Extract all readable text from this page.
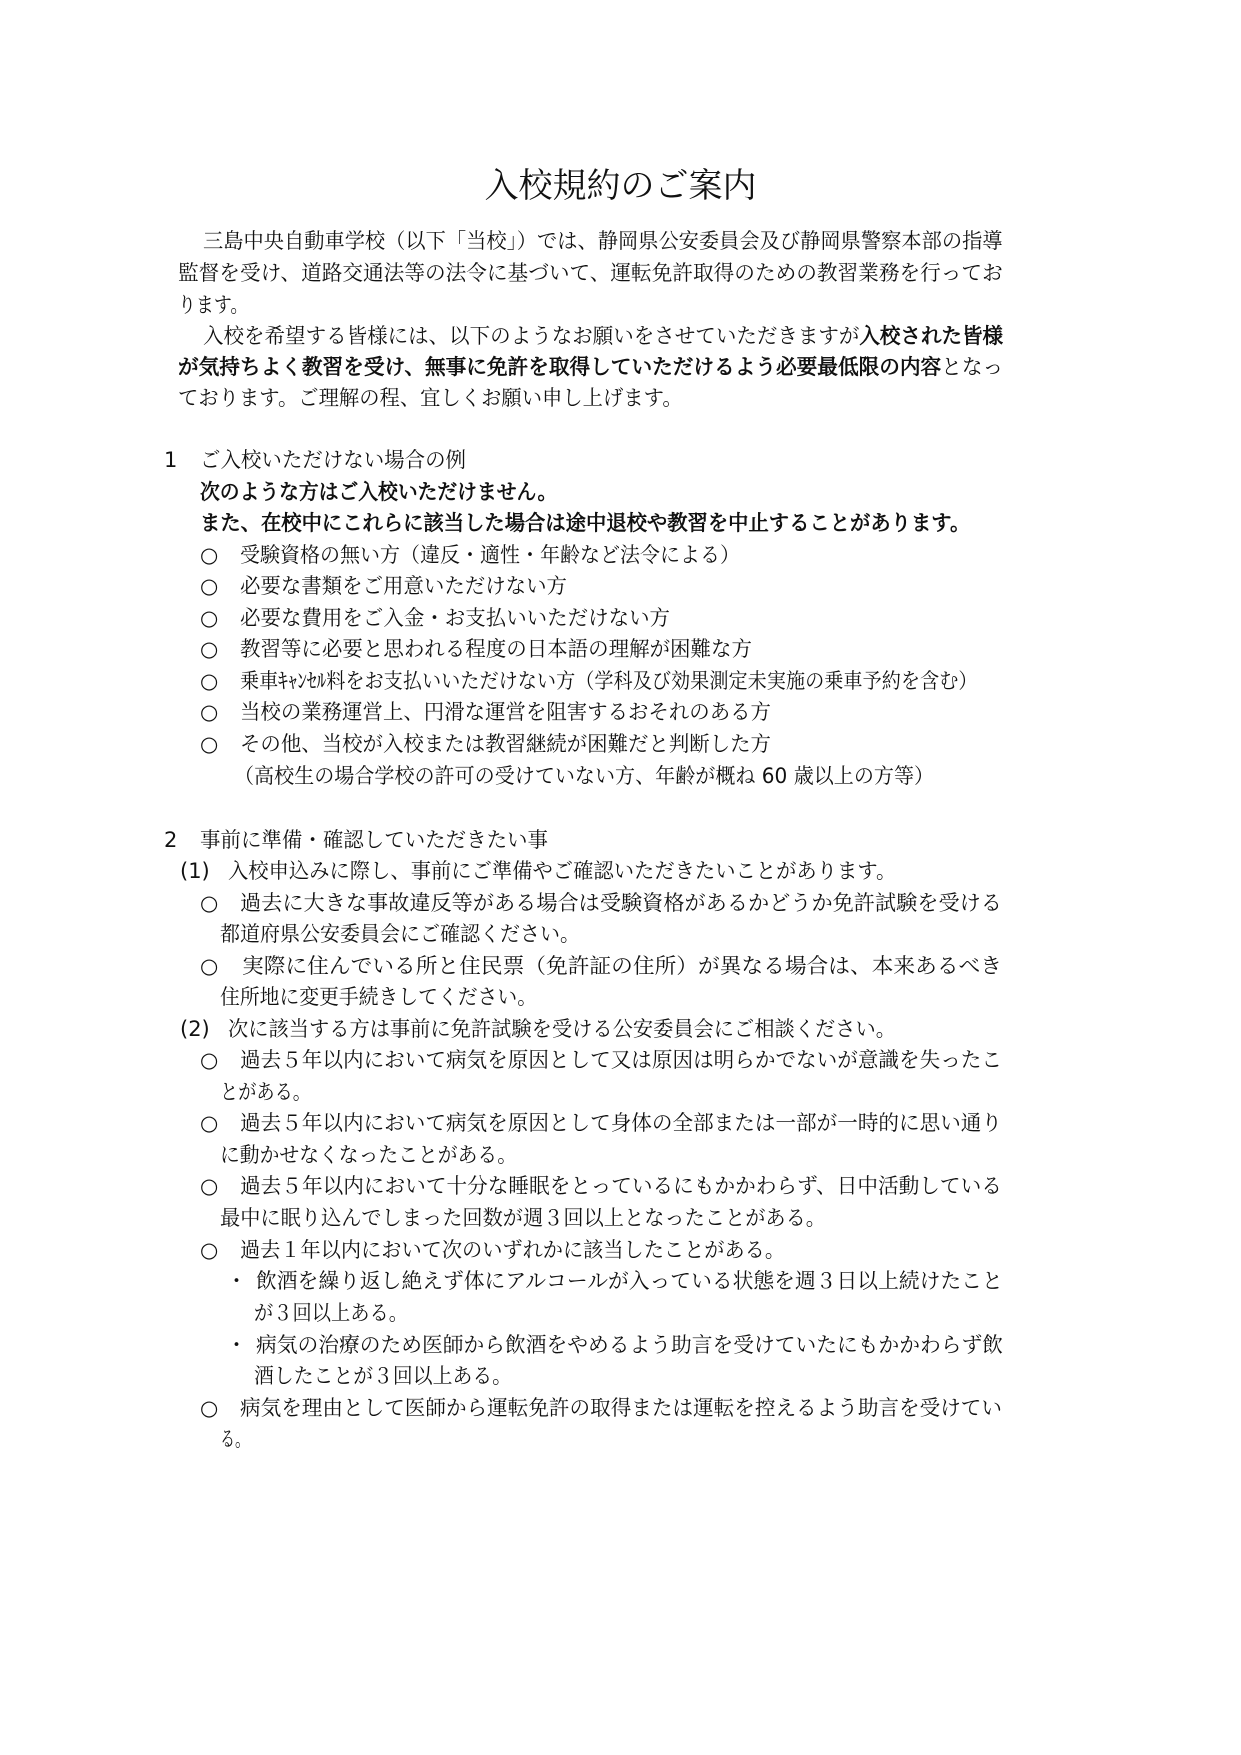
入校規約のご案内
三島中央自動車学校（以下「当校」）では、静岡県公安委員会及び静岡県警察本部の指導
監督を受け、道路交通法等の法令に基づいて、運転免許取得のための教習業務を行ってお
ります。
入校を希望する皆様には、以下のようなお願いをさせていただきますが入校された皆様
が気持ちよく教習を受け、無事に免許を取得していただけるよう必要最低限の内容となっ
ております。ご理解の程、宜しくお願い申し上げます。
1 ご入校いただけない場合の例
次のような方はご入校いただけません。
また、在校中にこれらに該当した場合は途中退校や教習を中止することがあります。
○ 受験資格の無い方（違反・適性・年齢など法令による）
○ 必要な書類をご用意いただけない方
○ 必要な費用をご入金・お支払いいただけない方
○ 教習等に必要と思われる程度の日本語の理解が困難な方
○ 乗車ｷｬﾝｾﾙ料をお支払いいただけない方（学科及び効果測定未実施の乗車予約を含む）
○ 当校の業務運営上、円滑な運営を阻害するおそれのある方
○ その他、当校が入校または教習継続が困難だと判断した方
（高校生の場合学校の許可の受けていない方、年齢が概ね 60 歳以上の方等）
2 事前に準備・確認していただきたい事
(1) 入校申込みに際し、事前にご準備やご確認いただきたいことがあります。
○ 過去に大きな事故違反等がある場合は受験資格があるかどうか免許試験を受ける
都道府県公安委員会にご確認ください。
○ 実際に住んでいる所と住民票（免許証の住所）が異なる場合は、本来あるべき
住所地に変更手続きしてください。
(2) 次に該当する方は事前に免許試験を受ける公安委員会にご相談ください。
○ 過去５年以内において病気を原因として又は原因は明らかでないが意識を失ったこ
とがある。
○ 過去５年以内において病気を原因として身体の全部または一部が一時的に思い通り
に動かせなくなったことがある。
○ 過去５年以内において十分な睡眠をとっているにもかかわらず、日中活動している
最中に眠り込んでしまった回数が週３回以上となったことがある。
○ 過去１年以内において次のいずれかに該当したことがある。
・ 飲酒を繰り返し絶えず体にアルコールが入っている状態を週３日以上続けたこと
が３回以上ある。
・ 病気の治療のため医師から飲酒をやめるよう助言を受けていたにもかかわらず飲
酒したことが３回以上ある。
○ 病気を理由として医師から運転免許の取得または運転を控えるよう助言を受けてい
る。
